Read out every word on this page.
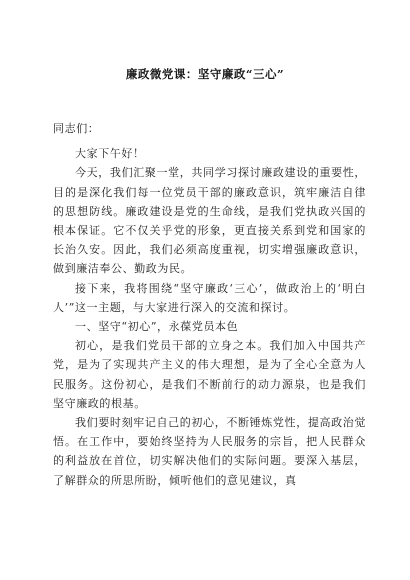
廉政微党课：坚守廉政“三心”

同志们：

大家下午好！

今天，我们汇聚一堂，共同学习探讨廉政建设的重要性，目的是深化我们每一位党员干部的廉政意识，筑牢廉洁自律的思想防线。廉政建设是党的生命线，是我们党执政兴国的根本保证。它不仅关乎党的形象，更直接关系到党和国家的长治久安。因此，我们必须高度重视，切实增强廉政意识，做到廉洁奉公、勤政为民。

接下来，我将围绕“坚守廉政‘三心’，做政治上的‘明白人’”这一主题，与大家进行深入的交流和探讨。

一、坚守“初心”，永葆党员本色

初心，是我们党员干部的立身之本。我们加入中国共产党，是为了实现共产主义的伟大理想，是为了全心全意为人民服务。这份初心，是我们不断前行的动力源泉，也是我们坚守廉政的根基。

我们要时刻牢记自己的初心，不断锤炼党性，提高政治觉悟。在工作中，要始终坚持为人民服务的宗旨，把人民群众的利益放在首位，切实解决他们的实际问题。要深入基层，了解群众的所思所盼，倾听他们的意见建议，真
